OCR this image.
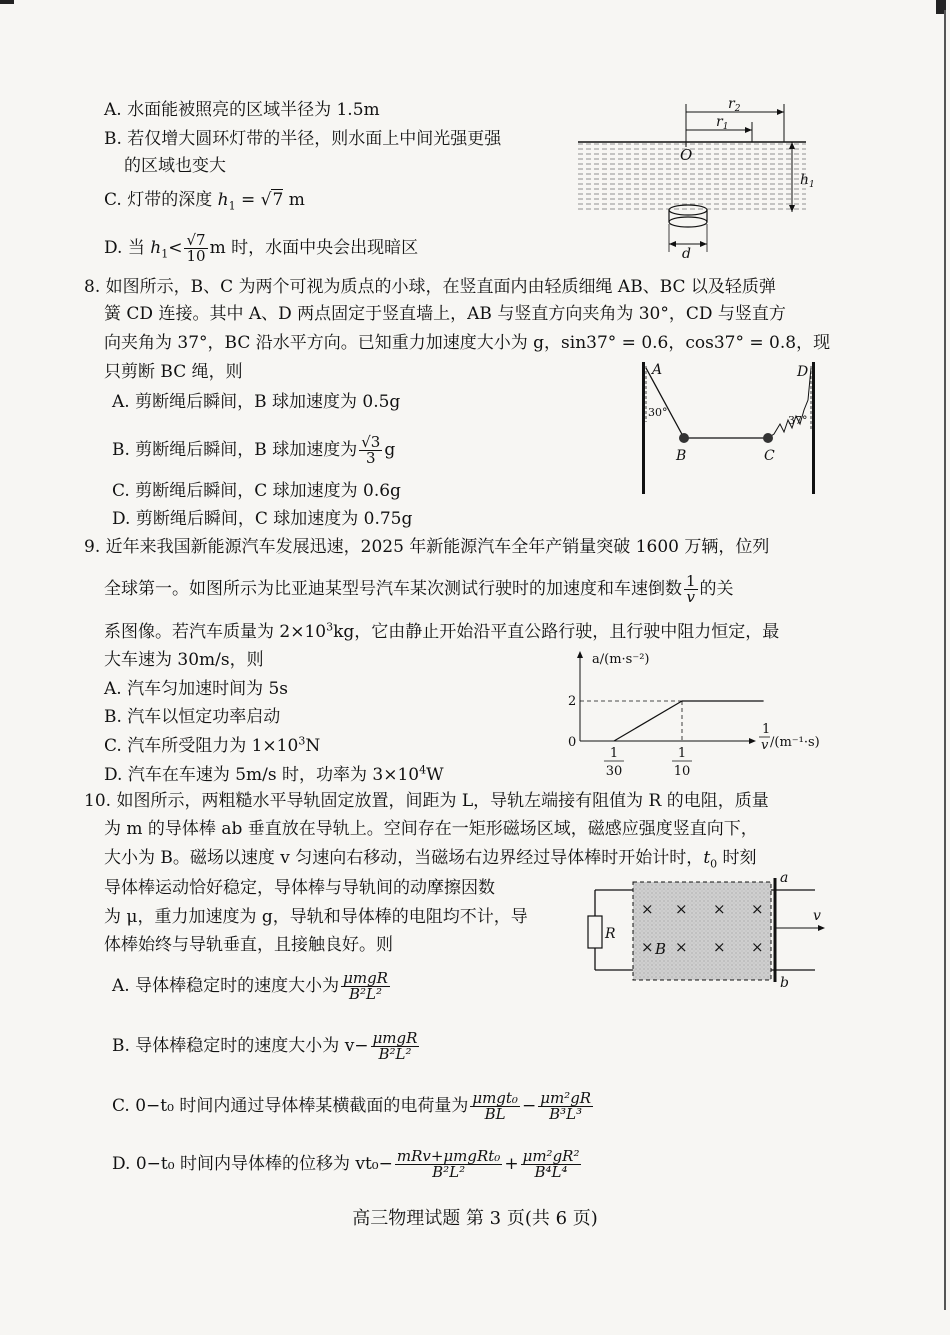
A. 水面能被照亮的区域半径为 1.5m
B. 若仅增大圆环灯带的半径，则水面上中间光强更强
的区域也变大
C. 灯带的深度 $h_1 = √7$ m
D. 当 $h_1< \frac{√7}{10}$ m 时，水面中央会出现暗区
$r_2$
$r_1$
O
$h_1$
d
8. 如图所示，B、C 为两个可视为质点的小球，在竖直面内由轻质细绳 AB、BC 以及轻质弹
簧 CD 连接。其中 A、D 两点固定于竖直墙上，AB 与竖直方向夹角为 30°，CD 与竖直方
向夹角为 37°，BC 沿水平方向。已知重力加速度大小为 g，sin37° = 0.6，cos37° = 0.8，现
只剪断 BC 绳，则
A. 剪断绳后瞬间，B 球加速度为 0.5g
B. 剪断绳后瞬间，B 球加速度为 $\frac{√3}{3}$ g
C. 剪断绳后瞬间，C 球加速度为 0.6g
D. 剪断绳后瞬间，C 球加速度为 0.75g
A	D
B	C
30°
37°
9. 近年来我国新能源汽车发展迅速，2025 年新能源汽车全年产销量突破 1600 万辆，位列
全球第一。如图所示为比亚迪某型号汽车某次测试行驶时的加速度和车速倒数 $\frac{1}{v}$ 的关
系图像。若汽车质量为 $2\times 10^3kg$，它由静止开始沿平直公路行驶，且行驶中阻力恒定，最
大车速为 30m/s，则
A. 汽车匀加速时间为 5s
B. 汽车以恒定功率启动
C. 汽车所受阻力为 $1\times 10^3N$
D. 汽车在车速为 5m/s 时，功率为 $3\times 10^4W$
a/(m·s⁻²)
0
2
1
v /(m⁻¹·s)
1
30
1
10
10. 如图所示，两粗糙水平导轨固定放置，间距为 L，导轨左端接有阻值为 R 的电阻，质量
为 m 的导体棒 ab 垂直放在导轨上。空间存在一矩形磁场区域，磁感应强度竖直向下，
大小为 B。磁场以速度 v 匀速向右移动，当磁场右边界经过导体棒时开始计时，$t_0$ 时刻
导体棒运动恰好稳定，导体棒与导轨间的动摩擦因数
为 μ，重力加速度为 g，导轨和导体棒的电阻均不计，导
体棒始终与导轨垂直，且接触良好。则
A. 导体棒稳定时的速度大小为 $\frac{\text{μmgR}}{\text{B²L²}}$
B. 导体棒稳定时的速度大小为 $v- \frac{\text{μmgR}}{\text{B²L²}}$
C. 0−t₀ 时间内通过导体棒某横截面的电荷量为 $\frac{\text{μmgt₀}}{BL} - \frac{\text{μm²gR}}{\text{B³L³}}$
D. 0−t₀ 时间内导体棒的位移为 $vt_0- \frac{\text{mRv+μmgRt₀}}{\text{B²L²}} + \frac{\text{μm²gR²}}{\text{B⁴L⁴}}$
R
× × × ×
× B × × ×
a
b
v
高三物理试题 第 3 页(共 6 页)
